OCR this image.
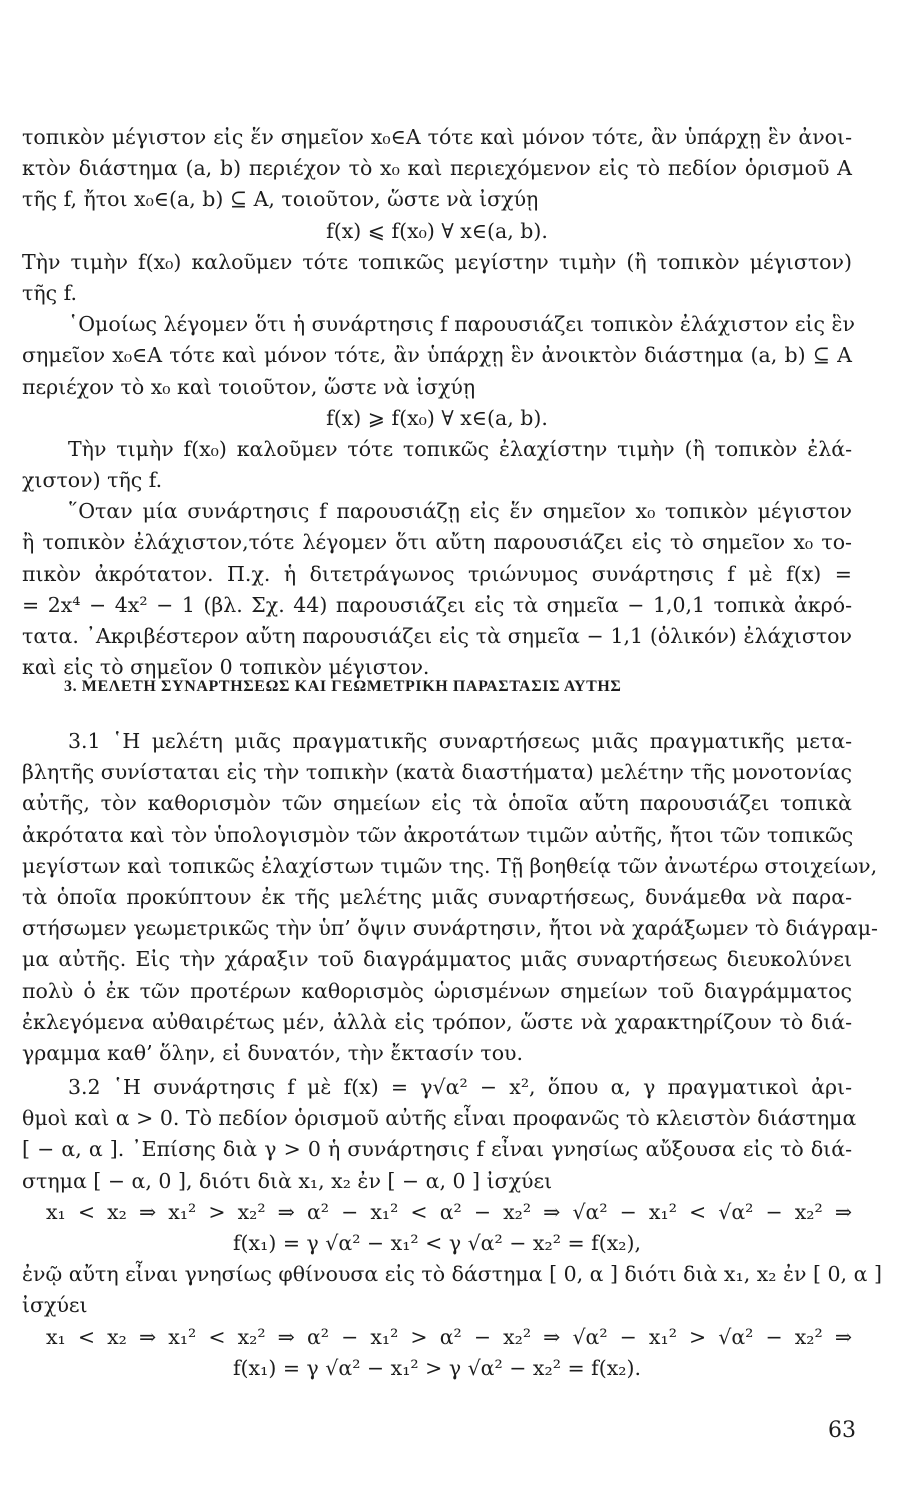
τοπικὸν μέγιστον εἰς ἕν σημεῖον x₀∈A τότε καὶ μόνον τότε, ἂν ὑπάρχῃ ἓν ἀνοι-
κτὸν διάστημα (a, b) περιέχον τὸ x₀ καὶ περιεχόμενον εἰς τὸ πεδίον ὁρισμοῦ A
τῆς f, ἤτοι x₀∈(a, b) ⊆ A, τοιοῦτον, ὥστε νὰ ἰσχύῃ
f(x) ⩽ f(x₀) ∀ x∈(a, b).
Τὴν τιμὴν f(x₀) καλοῦμεν τότε τοπικῶς μεγίστην τιμὴν (ἢ τοπικὸν μέγιστον)
τῆς f.
῾Ομοίως λέγομεν ὅτι ἡ συνάρτησις f παρουσιάζει τοπικὸν ἐλάχιστον εἰς ἓν
σημεῖον x₀∈A τότε καὶ μόνον τότε, ἂν ὑπάρχῃ ἓν ἀνοικτὸν διάστημα (a, b) ⊆ A
περιέχον τὸ x₀ καὶ τοιοῦτον, ὥστε νὰ ἰσχύῃ
f(x) ⩾ f(x₀) ∀ x∈(a, b).
Τὴν τιμὴν f(x₀) καλοῦμεν τότε τοπικῶς ἐλαχίστην τιμὴν (ἢ τοπικὸν ἐλά-
χιστον) τῆς f.
῞Οταν μία συνάρτησις f παρουσιάζῃ εἰς ἕν σημεῖον x₀ τοπικὸν μέγιστον
ἢ τοπικὸν ἐλάχιστον,τότε λέγομεν ὅτι αὔτη παρουσιάζει εἰς τὸ σημεῖον x₀ το-
πικὸν ἀκρότατον. Π.χ. ἡ διτετράγωνος τριώνυμος συνάρτησις f μὲ f(x) =
= 2x⁴ − 4x² − 1 (βλ. Σχ. 44) παρουσιάζει εἰς τὰ σημεῖα − 1,0,1 τοπικὰ ἀκρό-
τατα. ᾿Ακριβέστερον αὔτη παρουσιάζει εἰς τὰ σημεῖα − 1,1 (ὁλικόν) ἐλάχιστον
καὶ εἰς τὸ σημεῖον 0 τοπικὸν μέγιστον.
3. ΜΕΛΕΤΗ ΣΥΝΑΡΤΗΣΕΩΣ ΚΑΙ ΓΕΩΜΕΤΡΙΚΗ ΠΑΡΑΣΤΑΣΙΣ ΑΥΤΗΣ
3.1 ῾Η μελέτη μιᾶς πραγματικῆς συναρτήσεως μιᾶς πραγματικῆς μετα-
βλητῆς συνίσταται εἰς τὴν τοπικὴν (κατὰ διαστήματα) μελέτην τῆς μονοτονίας
αὐτῆς, τὸν καθορισμὸν τῶν σημείων εἰς τὰ ὁποῖα αὔτη παρουσιάζει τοπικὰ
ἀκρότατα καὶ τὸν ὑπολογισμὸν τῶν ἀκροτάτων τιμῶν αὐτῆς, ἤτοι τῶν τοπικῶς
μεγίστων καὶ τοπικῶς ἐλαχίστων τιμῶν της. Τῇ βοηθείᾳ τῶν ἀνωτέρω στοιχείων,
τὰ ὁποῖα προκύπτουν ἐκ τῆς μελέτης μιᾶς συναρτήσεως, δυνάμεθα νὰ παρα-
στήσωμεν γεωμετρικῶς τὴν ὑπ’ ὄψιν συνάρτησιν, ἤτοι νὰ χαράξωμεν τὸ διάγραμ-
μα αὐτῆς. Εἰς τὴν χάραξιν τοῦ διαγράμματος μιᾶς συναρτήσεως διευκολύνει
πολὺ ὁ ἐκ τῶν προτέρων καθορισμὸς ὡρισμένων σημείων τοῦ διαγράμματος
ἐκλεγόμενα αὐθαιρέτως μέν, ἀλλὰ εἰς τρόπον, ὥστε νὰ χαρακτηρίζουν τὸ διά-
γραμμα καθ’ ὅλην, εἰ δυνατόν, τὴν ἔκτασίν του.
3.2 ῾Η συνάρτησις f μὲ f(x) = γ√α² − x², ὅπου α, γ πραγματικοὶ ἀρι-
θμοὶ καὶ α > 0. Τὸ πεδίον ὁρισμοῦ αὐτῆς εἶναι προφανῶς τὸ κλειστὸν διάστημα
[ − α, α ]. ᾿Επίσης διὰ γ > 0 ἡ συνάρτησις f εἶναι γνησίως αὔξουσα εἰς τὸ διά-
στημα [ − α, 0 ], διότι διὰ x₁, x₂ ἐν [ − α, 0 ] ἰσχύει
x₁ < x₂ ⇒ x₁² > x₂² ⇒ α² − x₁² < α² − x₂² ⇒ √α² − x₁² < √α² − x₂² ⇒
f(x₁) = γ √α² − x₁² < γ √α² − x₂² = f(x₂),
ἐνῷ αὔτη εἶναι γνησίως φθίνουσα εἰς τὸ δάστημα [ 0, α ] διότι διὰ x₁, x₂ ἐν [ 0, α ]
ἰσχύει
x₁ < x₂ ⇒ x₁² < x₂² ⇒ α² − x₁² > α² − x₂² ⇒ √α² − x₁² > √α² − x₂² ⇒
f(x₁) = γ √α² − x₁² > γ √α² − x₂² = f(x₂).
63
